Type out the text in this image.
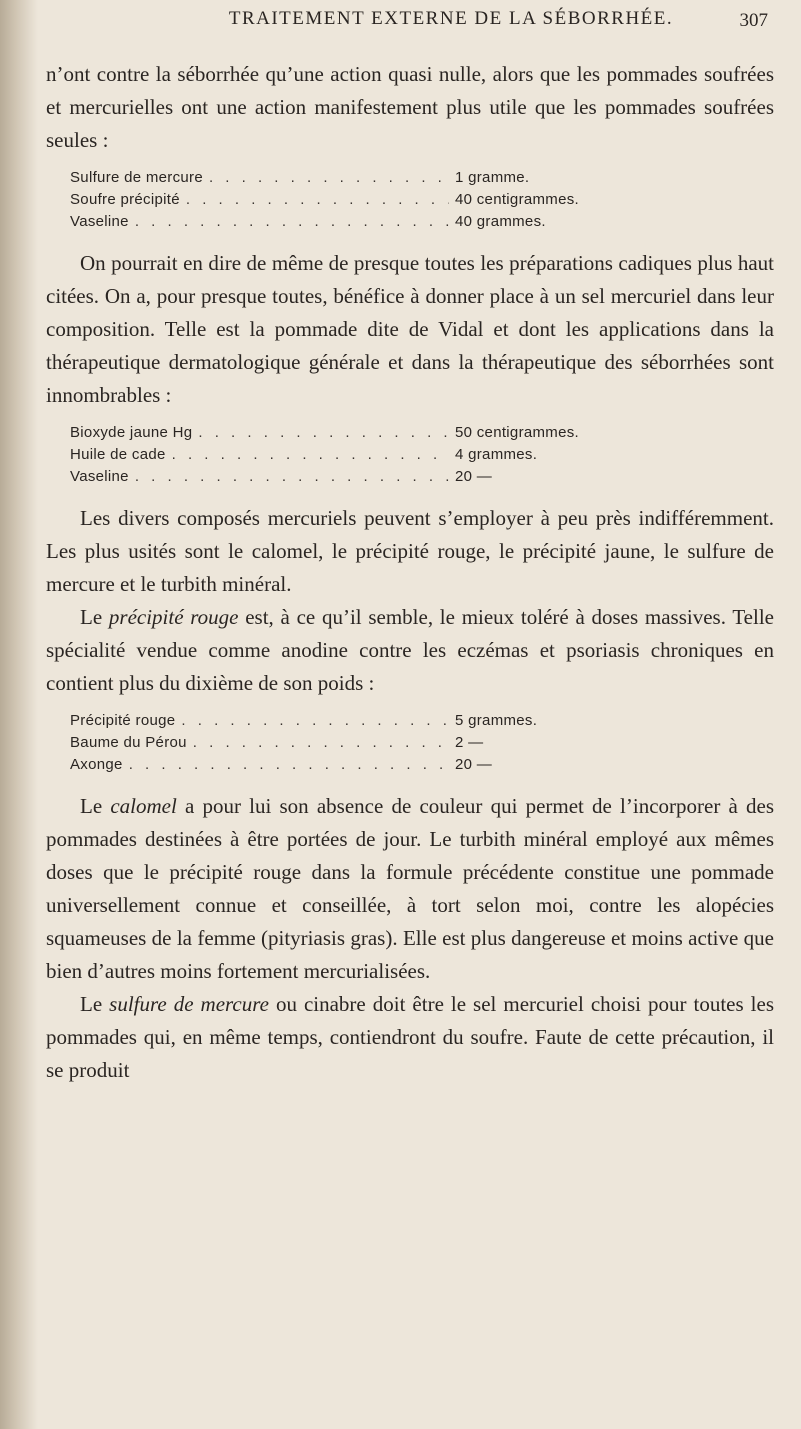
TRAITEMENT EXTERNE DE LA SÉBORRHÉE.	307

n’ont contre la séborrhée qu’une action quasi nulle, alors que les pommades soufrées et mercurielles ont une action manifestement plus utile que les pommades soufrées seules :

Sulfure de mercure . . .	1 gramme.
Soufre précipité . . .	40 centigrammes.
Vaseline . . .	40 grammes.

On pourrait en dire de même de presque toutes les préparations cadiques plus haut citées. On a, pour presque toutes, bénéfice à donner place à un sel mercuriel dans leur composition. Telle est la pommade dite de Vidal et dont les applications dans la thérapeutique dermatologique générale et dans la thérapeutique des séborrhées sont innombrables :

Bioxyde jaune Hg . . .	50 centigrammes.
Huile de cade . . .	4 grammes.
Vaseline . . .	20 —

Les divers composés mercuriels peuvent s’employer à peu près indifféremment. Les plus usités sont le calomel, le précipité rouge, le précipité jaune, le sulfure de mercure et le turbith minéral.

Le précipité rouge est, à ce qu’il semble, le mieux toléré à doses massives. Telle spécialité vendue comme anodine contre les eczémas et psoriasis chroniques en contient plus du dixième de son poids :

Précipité rouge . . .	5 grammes.
Baume du Pérou . . .	2 —
Axonge . . .	20 —

Le calomel a pour lui son absence de couleur qui permet de l’incorporer à des pommades destinées à être portées de jour. Le turbith minéral employé aux mêmes doses que le précipité rouge dans la formule précédente constitue une pommade universellement connue et conseillée, à tort selon moi, contre les alopécies squameuses de la femme (pityriasis gras). Elle est plus dangereuse et moins active que bien d’autres moins fortement mercurialisées.

Le sulfure de mercure ou cinabre doit être le sel mercuriel choisi pour toutes les pommades qui, en même temps, contiendront du soufre. Faute de cette précaution, il se produit
